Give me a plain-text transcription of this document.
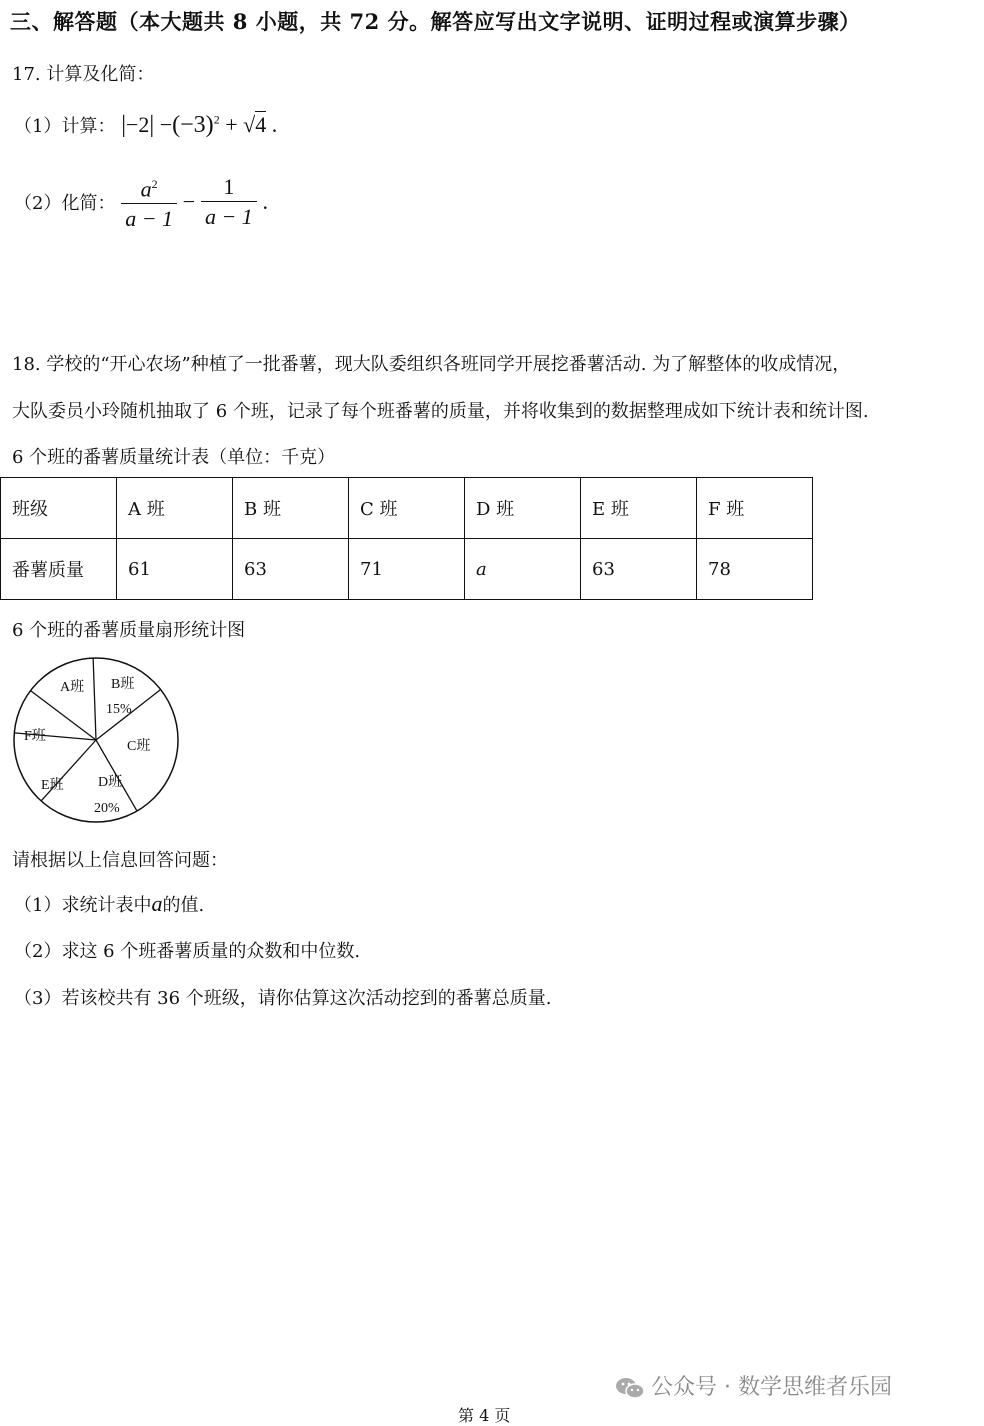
三、解答题（本大题共 8 小题，共 72 分。解答应写出文字说明、证明过程或演算步骤）
17. 计算及化简：
（1）计算： $|-2| -(-3)^2 + √4$ .
（2）化简： $\frac{a^2}{a - 1} - \frac{1}{a - 1}$ .
18. 学校的“开心农场”种植了一批番薯，现大队委组织各班同学开展挖番薯活动. 为了解整体的收成情况，
大队委员小玲随机抽取了 6 个班，记录了每个班番薯的质量，并将收集到的数据整理成如下统计表和统计图.
6 个班的番薯质量统计表（单位：千克）
班级	A 班	B 班	C 班	D 班	E 班	F 班
番薯质量	61	63	71	a	63	78
6 个班的番薯质量扇形统计图
A班 B班
C班
D班
E班
F班
15%
20%
请根据以上信息回答问题：
（1）求统计表中a的值.
（2）求这 6 个班番薯质量的众数和中位数.
（3）若该校共有 36 个班级，请你估算这次活动挖到的番薯总质量.
公众号 · 数学思维者乐园
第 4 页
